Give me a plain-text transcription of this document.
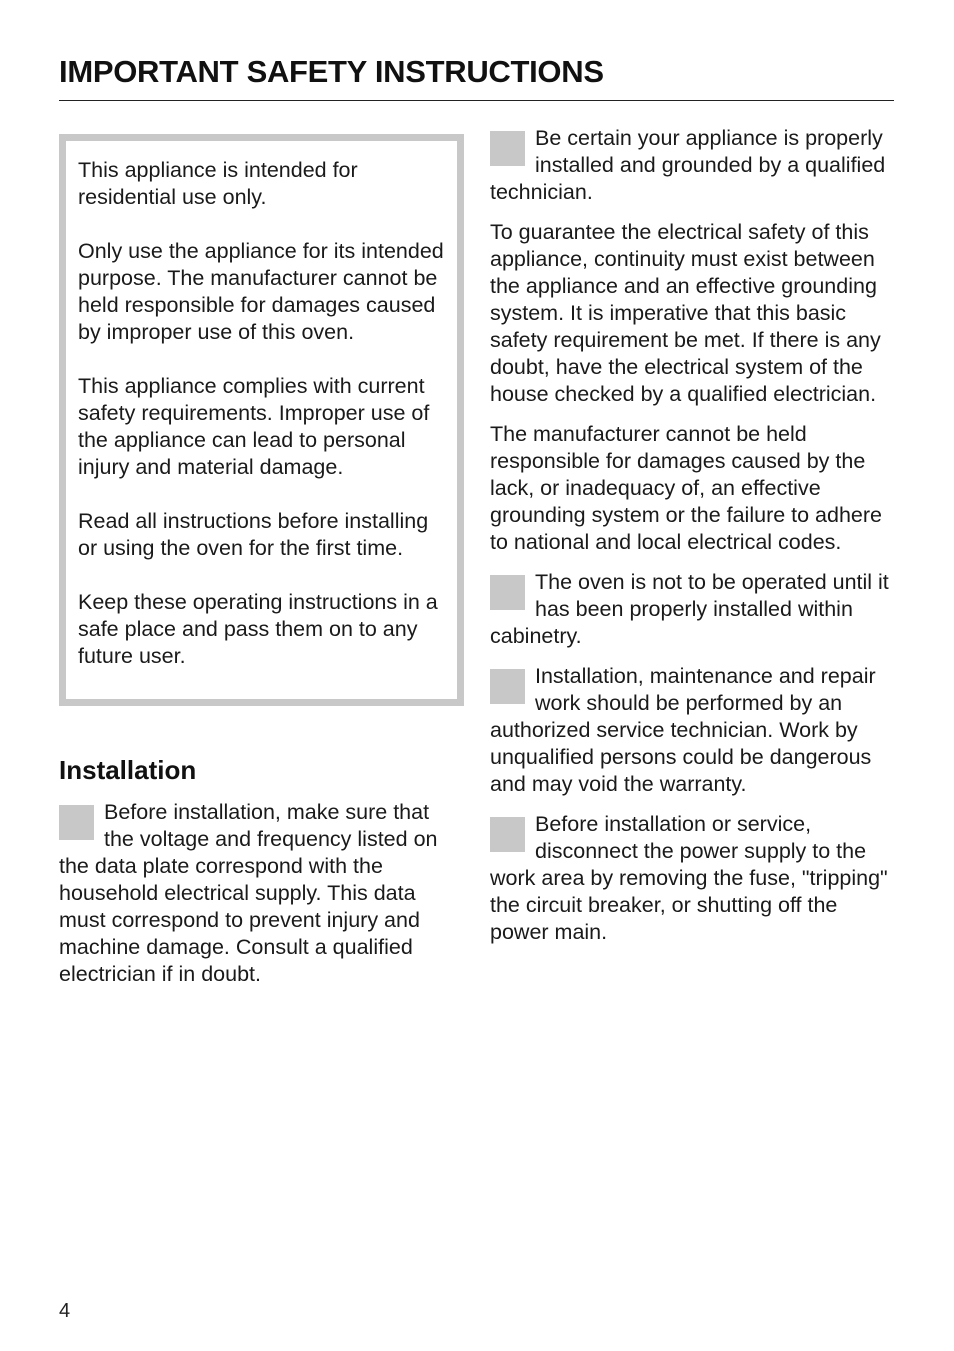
IMPORTANT SAFETY INSTRUCTIONS

This appliance is intended for residential use only.

Only use the appliance for its intended purpose. The manufacturer cannot be held responsible for damages caused by improper use of this oven.

This appliance complies with current safety requirements. Improper use of the appliance can lead to personal injury and material damage.

Read all instructions before installing or using the oven for the first time.

Keep these operating instructions in a safe place and pass them on to any future user.

Installation
Before installation, make sure that the voltage and frequency listed on the data plate correspond with the household electrical supply. This data must correspond to prevent injury and machine damage. Consult a qualified electrician if in doubt.
Be certain your appliance is properly installed and grounded by a qualified technician.

To guarantee the electrical safety of this appliance, continuity must exist between the appliance and an effective grounding system. It is imperative that this basic safety requirement be met. If there is any doubt, have the electrical system of the house checked by a qualified electrician.

The manufacturer cannot be held responsible for damages caused by the lack, or inadequacy of, an effective grounding system or the failure to adhere to national and local electrical codes.

The oven is not to be operated until it has been properly installed within cabinetry.
Installation, maintenance and repair work should be performed by an authorized service technician. Work by unqualified persons could be dangerous and may void the warranty.
Before installation or service, disconnect the power supply to the work area by removing the fuse, "tripping" the circuit breaker, or shutting off the power main.
4
